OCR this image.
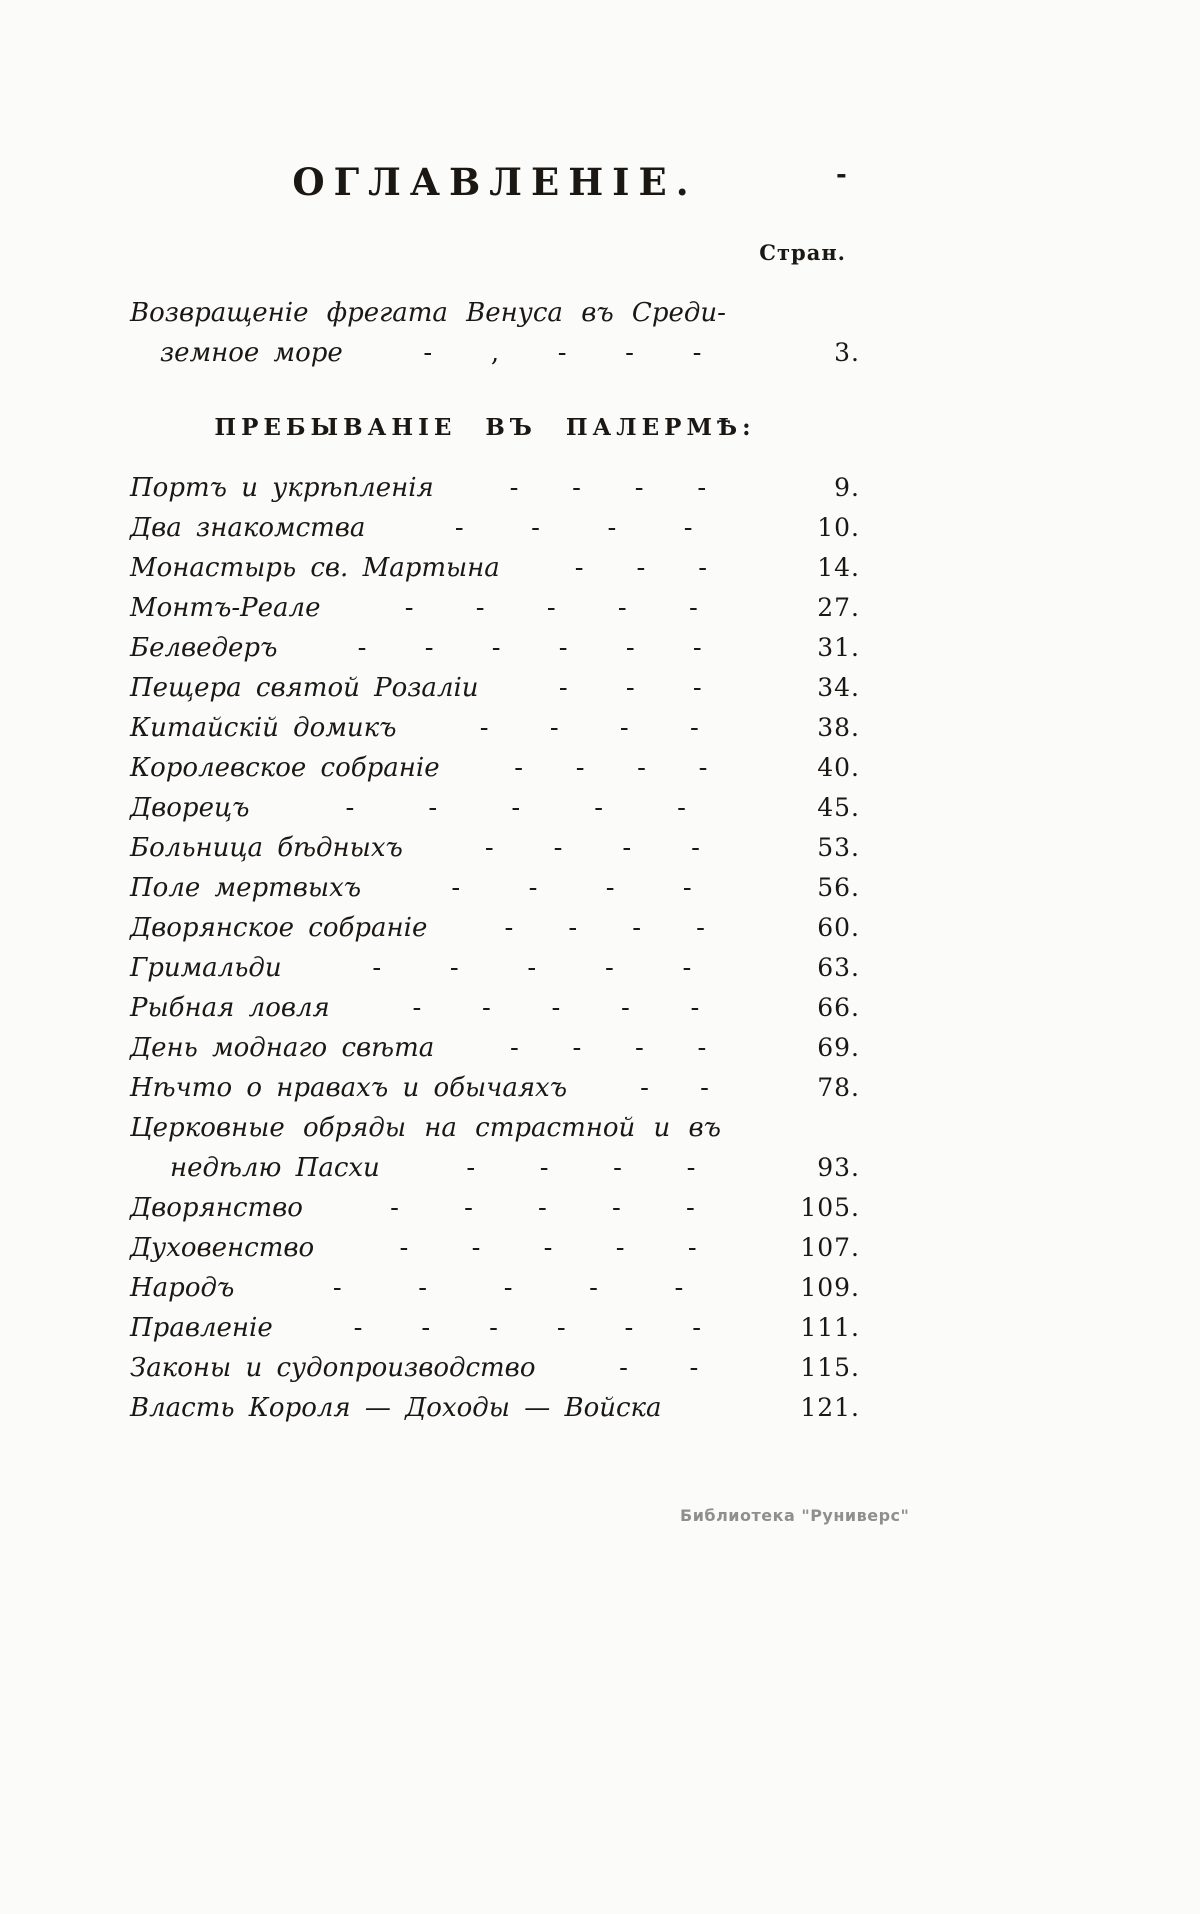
ОГЛАВЛЕНІЕ.	-
Стран.
Возвращеніе фрегата Венуса въ Среди-
земное море	- , - - -	3.
ПРЕБЫВАНІЕ ВЪ ПАЛЕРМѢ:
Портъ и укрѣпленія	- - - -	9.
Два знакомства	-	-	-	-	10.
Монастырь св. Мартына	- - -	14.
Монтъ-Реале	- - - - -	27.
Белведеръ	- - - - - -	31.
Пещера святой Розаліи	- - -	34.
Китайскій домикъ	- - - -	38.
Королевское собраніе	- - - -	40.
Дворецъ	-	-	-	-	-	45.
Больница бѣдныхъ	- - - -	53.
Поле мертвыхъ	-	-	-	-	56.
Дворянское собраніе	- - - -	60.
Гримальди	-	-	-	-	-	63.
Рыбная ловля	- - - - -	66.
День моднаго свѣта	- - - -	69.
Нѣчто о нравахъ и обычаяхъ	- -	78.
Церковные обряды на страстной и въ
недѣлю Пасхи	- - - -	93.
Дворянство	-	-	-	-	-	105.
Духовенство	- - - - -	107.
Народъ	-	-	-	-	-	109.
Правленіе	- - - - - -	111.
Законы и судопроизводство	- -	115.
Власть Короля — Доходы — Войска	121.
Библиотека "Руниверс"
